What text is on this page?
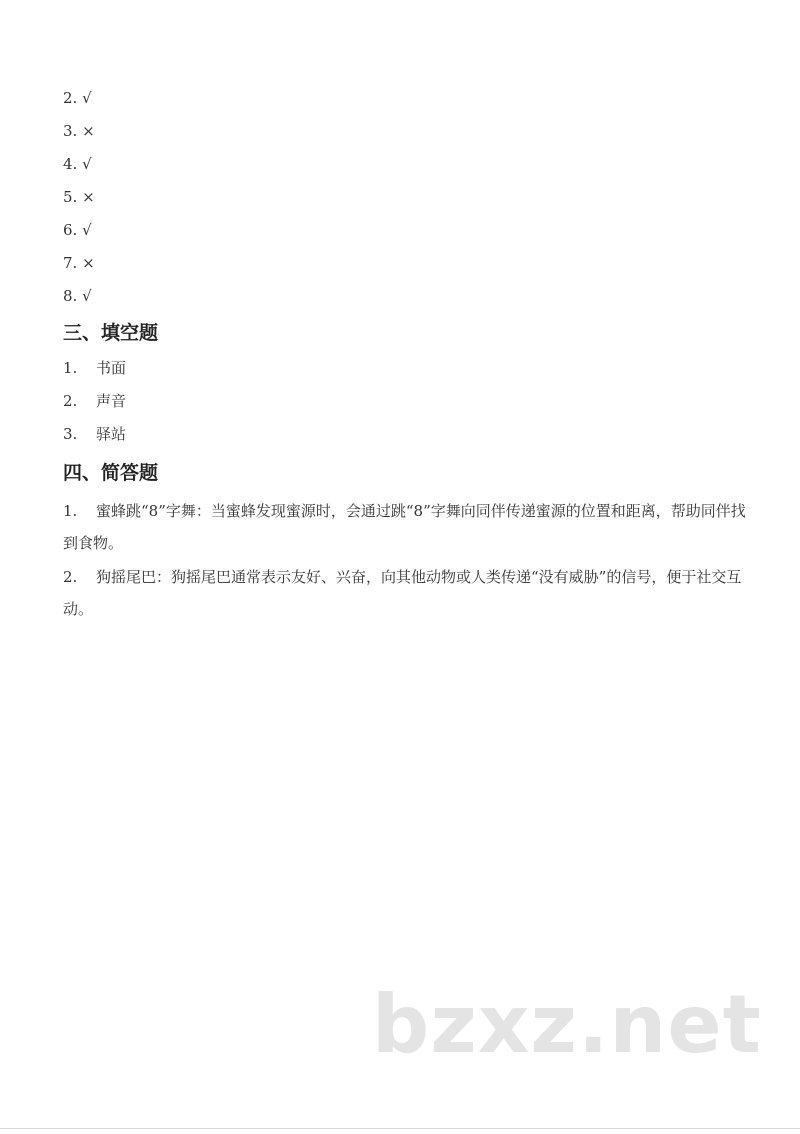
2. √
3. ×
4. √
5. ×
6. √
7. ×
8. √
三、填空题
1. 书面
2. 声音
3. 驿站
四、简答题
1. 蜜蜂跳“8”字舞：当蜜蜂发现蜜源时，会通过跳“8”字舞向同伴传递蜜源的位置和距离，帮助同伴找到食物。
2. 狗摇尾巴：狗摇尾巴通常表示友好、兴奋，向其他动物或人类传递“没有威胁”的信号，便于社交互动。
bzxz.net
